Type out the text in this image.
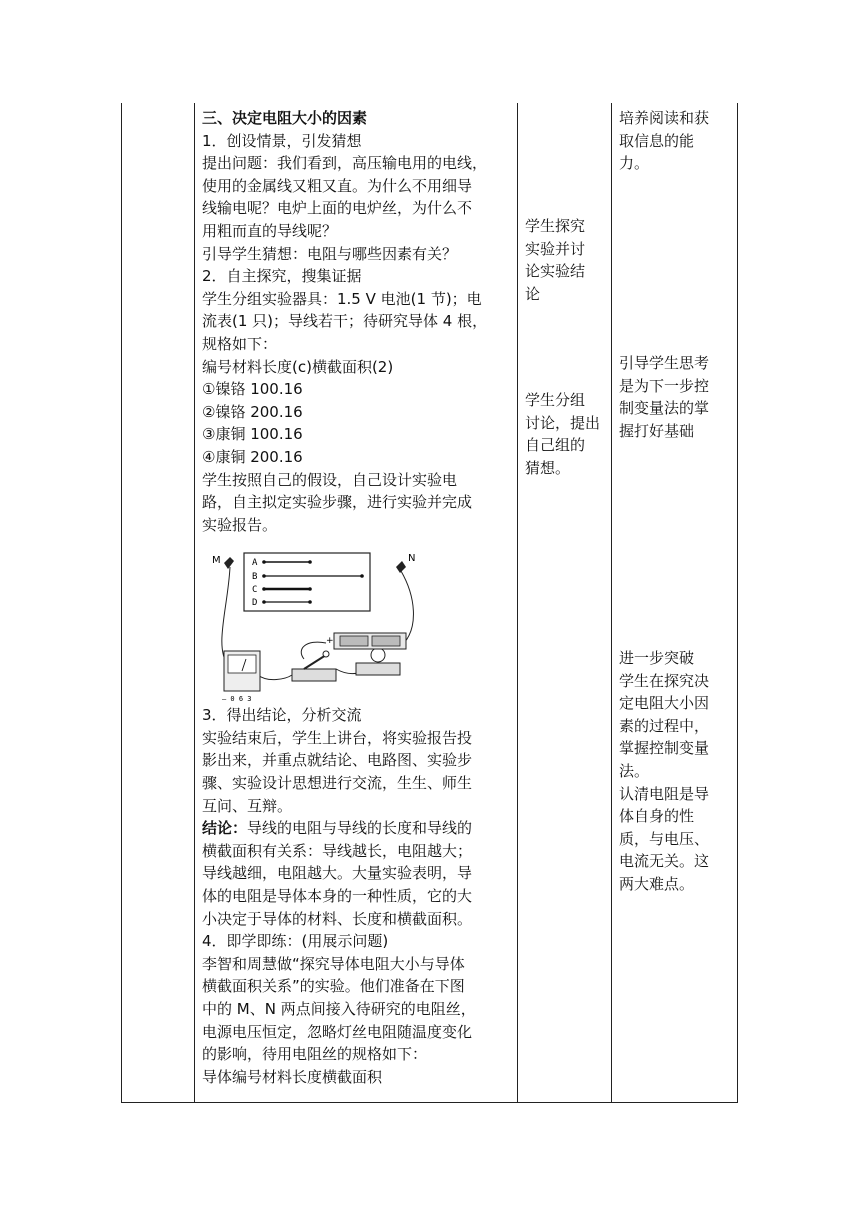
三、决定电阻大小的因素
1．创设情景，引发猜想
提出问题：我们看到，高压输电用的电线，
使用的金属线又粗又直。为什么不用细导
线输电呢？电炉上面的电炉丝，为什么不
用粗而直的导线呢？
引导学生猜想：电阻与哪些因素有关？
2．自主探究，搜集证据
学生分组实验器具：1.5 V 电池(1 节)；电
流表(1 只)；导线若干；待研究导体 4 根，
规格如下：
编号材料长度(c)横截面积(2)
①镍铬 100.16
②镍铬 200.16
③康铜 100.16
④康铜 200.16
学生按照自己的假设，自己设计实验电
路，自主拟定实验步骤，进行实验并完成
实验报告。
3．得出结论，分析交流
实验结束后，学生上讲台，将实验报告投
影出来，并重点就结论、电路图、实验步
骤、实验设计思想进行交流，生生、师生
互问、互辩。
结论：导线的电阻与导线的长度和导线的
横截面积有关系：导线越长，电阻越大；
导线越细，电阻越大。大量实验表明，导
体的电阻是导体本身的一种性质，它的大
小决定于导体的材料、长度和横截面积。
4．即学即练：(用展示问题)
李智和周慧做“探究导体电阻大小与导体
横截面积关系”的实验。他们准备在下图
中的 M、N 两点间接入待研究的电阻丝，
电源电压恒定，忽略灯丝电阻随温度变化
的影响，待用电阻丝的规格如下：
导体编号材料长度横截面积
A
B
C
D
M	N
— 0 6 3
+
学生探究
实验并讨
论实验结
论
学生分组
讨论，提出
自己组的
猜想。
培养阅读和获
取信息的能
力。
引导学生思考
是为下一步控
制变量法的掌
握打好基础
进一步突破
学生在探究决
定电阻大小因
素的过程中，
掌握控制变量
法。
认清电阻是导
体自身的性
质，与电压、
电流无关。这
两大难点。
